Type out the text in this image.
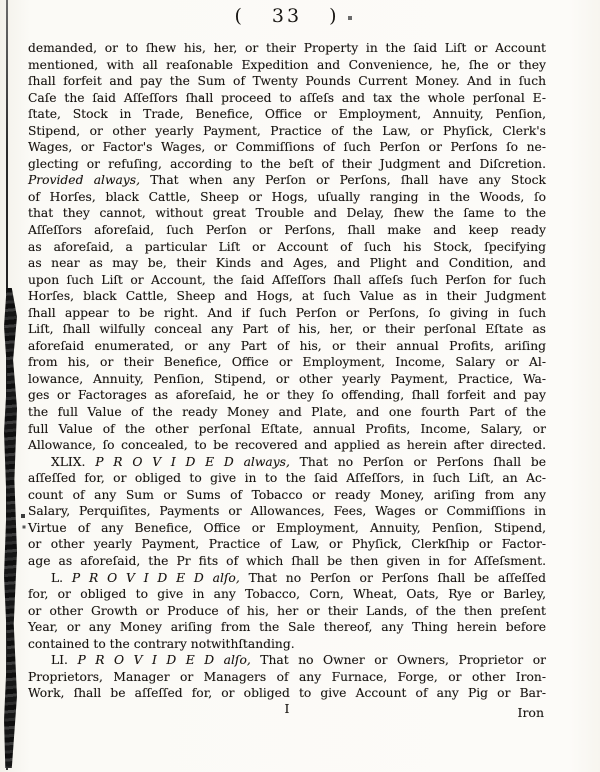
( 33 )
demanded, or to ſhew his, her, or their Property in the ſaid Liſt or Account
mentioned, with all reaſonable Expedition and Convenience, he, ſhe or they
ſhall forfeit and pay the Sum of Twenty Pounds Current Money. And in ſuch
Caſe the ſaid Aſſeſſors ſhall proceed to aſſeſs and tax the whole perſonal E-
ſtate, Stock in Trade, Benefice, Office or Employment, Annuity, Penſion,
Stipend, or other yearly Payment, Practice of the Law, or Phyſick, Clerk's
Wages, or Factor's Wages, or Commiſſions of ſuch Perſon or Perſons ſo ne-
glecting or refuſing, according to the beſt of their Judgment and Diſcretion.
Provided always, That when any Perſon or Perſons, ſhall have any Stock
of Horſes, black Cattle, Sheep or Hogs, uſually ranging in the Woods, ſo
that they cannot, without great Trouble and Delay, ſhew the ſame to the
Aſſeſſors aforeſaid, ſuch Perſon or Perſons, ſhall make and keep ready
as aforeſaid, a particular Liſt or Account of ſuch his Stock, ſpecifying
as near as may be, their Kinds and Ages, and Plight and Condition, and
upon ſuch Liſt or Account, the ſaid Aſſeſſors ſhall aſſeſs ſuch Perſon for ſuch
Horſes, black Cattle, Sheep and Hogs, at ſuch Value as in their Judgment
ſhall appear to be right. And if ſuch Perſon or Perſons, ſo giving in ſuch
Liſt, ſhall wilfully conceal any Part of his, her, or their perſonal Eſtate as
aforeſaid enumerated, or any Part of his, or their annual Profits, ariſing
from his, or their Benefice, Office or Employment, Income, Salary or Al-
lowance, Annuity, Penſion, Stipend, or other yearly Payment, Practice, Wa-
ges or Factorages as aforeſaid, he or they ſo offending, ſhall forfeit and pay
the full Value of the ready Money and Plate, and one fourth Part of the
full Value of the other perſonal Eſtate, annual Profits, Income, Salary, or
Allowance, ſo concealed, to be recovered and applied as herein after directed.
XLIX. P R O V I D E D always, That no Perſon or Perſons ſhall be
aſſeſſed for, or obliged to give in to the ſaid Aſſeſſors, in ſuch Liſt, an Ac-
count of any Sum or Sums of Tobacco or ready Money, ariſing from any
Salary, Perquiſites, Payments or Allowances, Fees, Wages or Commiſſions in
Virtue of any Benefice, Office or Employment, Annuity, Penſion, Stipend,
or other yearly Payment, Practice of Law, or Phyſick, Clerkſhip or Factor-
age as aforeſaid, the Pr fits of which ſhall be then given in for Aſſeſsment.
L. P R O V I D E D alſo, That no Perſon or Perſons ſhall be aſſeſſed
for, or obliged to give in any Tobacco, Corn, Wheat, Oats, Rye or Barley,
or other Growth or Produce of his, her or their Lands, of the then preſent
Year, or any Money ariſing from the Sale thereof, any Thing herein before
contained to the contrary notwithſtanding.
LI. P R O V I D E D alſo, That no Owner or Owners, Proprietor or
Proprietors, Manager or Managers of any Furnace, Forge, or other Iron-
Work, ſhall be aſſeſſed for, or obliged to give Account of any Pig or Bar-
I	Iron
